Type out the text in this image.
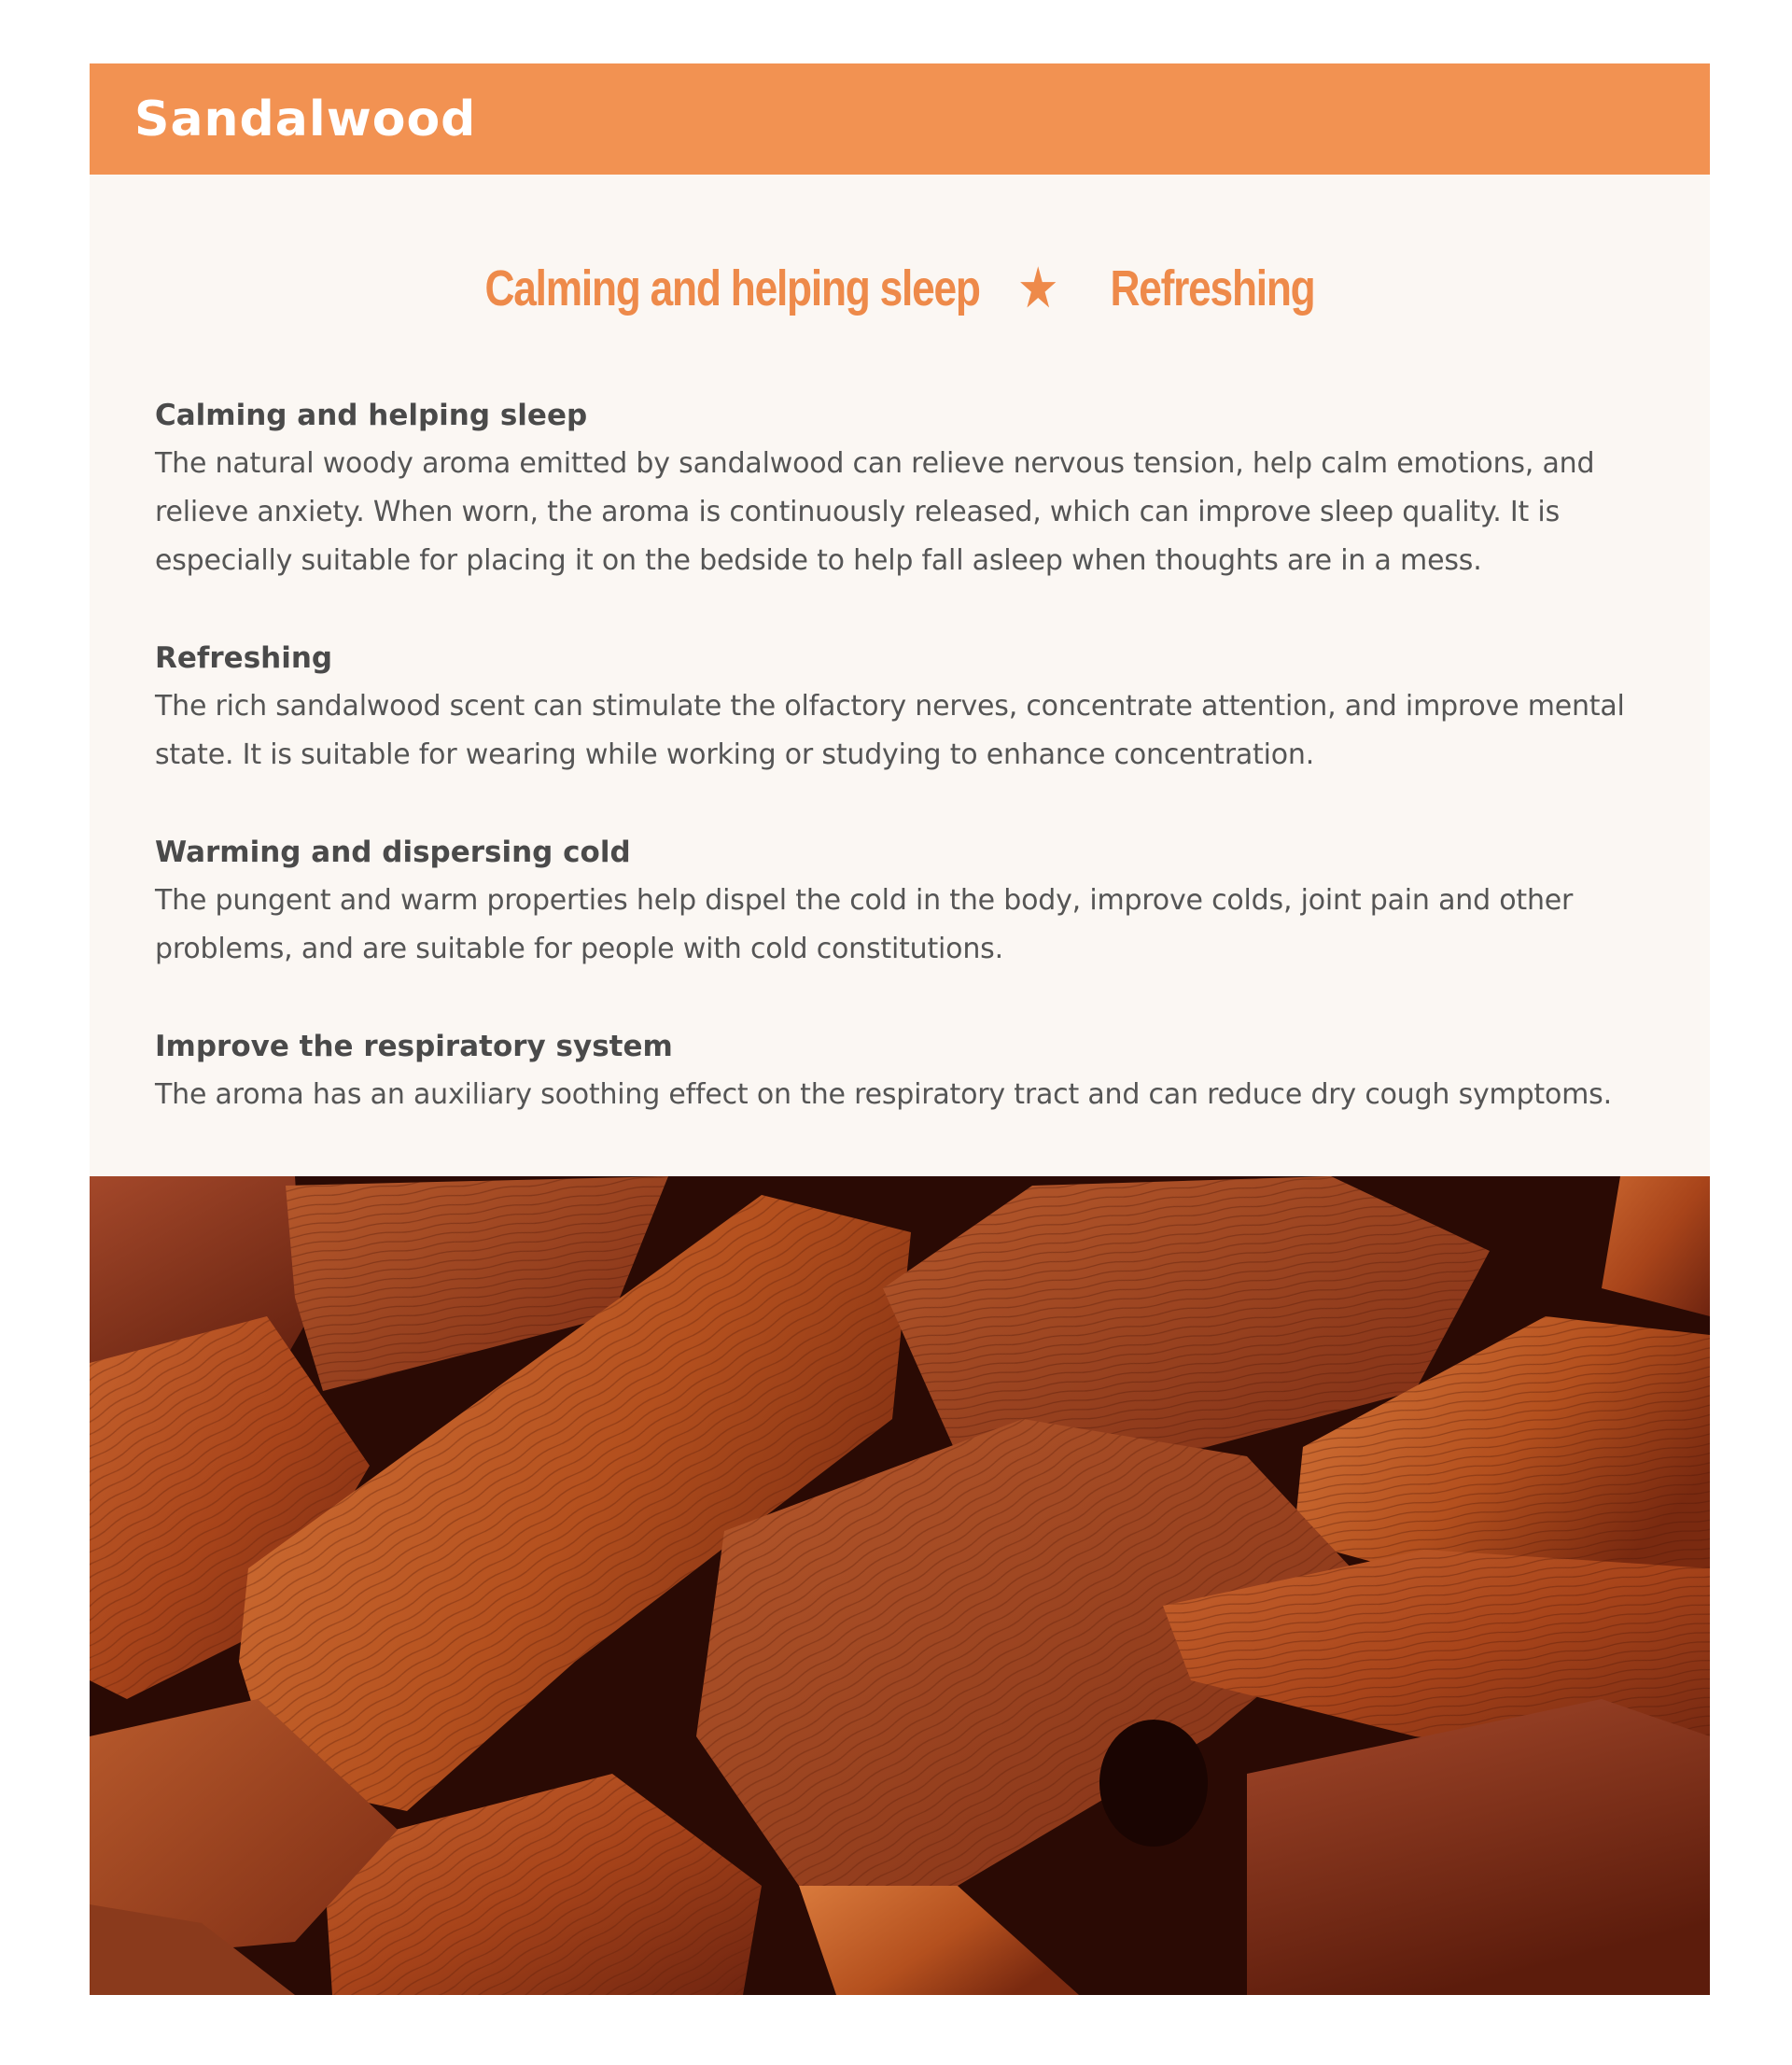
Sandalwood
Calming and helping sleep ★ Refreshing

Calming and helping sleep

The natural woody aroma emitted by sandalwood can relieve nervous tension, help calm emotions, and relieve anxiety. When worn, the aroma is continuously released, which can improve sleep quality. It is especially suitable for placing it on the bedside to help fall asleep when thoughts are in a mess.

Refreshing

The rich sandalwood scent can stimulate the olfactory nerves, concentrate attention, and improve mental state. It is suitable for wearing while working or studying to enhance concentration.

Warming and dispersing cold

The pungent and warm properties help dispel the cold in the body, improve colds, joint pain and other problems, and are suitable for people with cold constitutions.

Improve the respiratory system

The aroma has an auxiliary soothing effect on the respiratory tract and can reduce dry cough symptoms.
